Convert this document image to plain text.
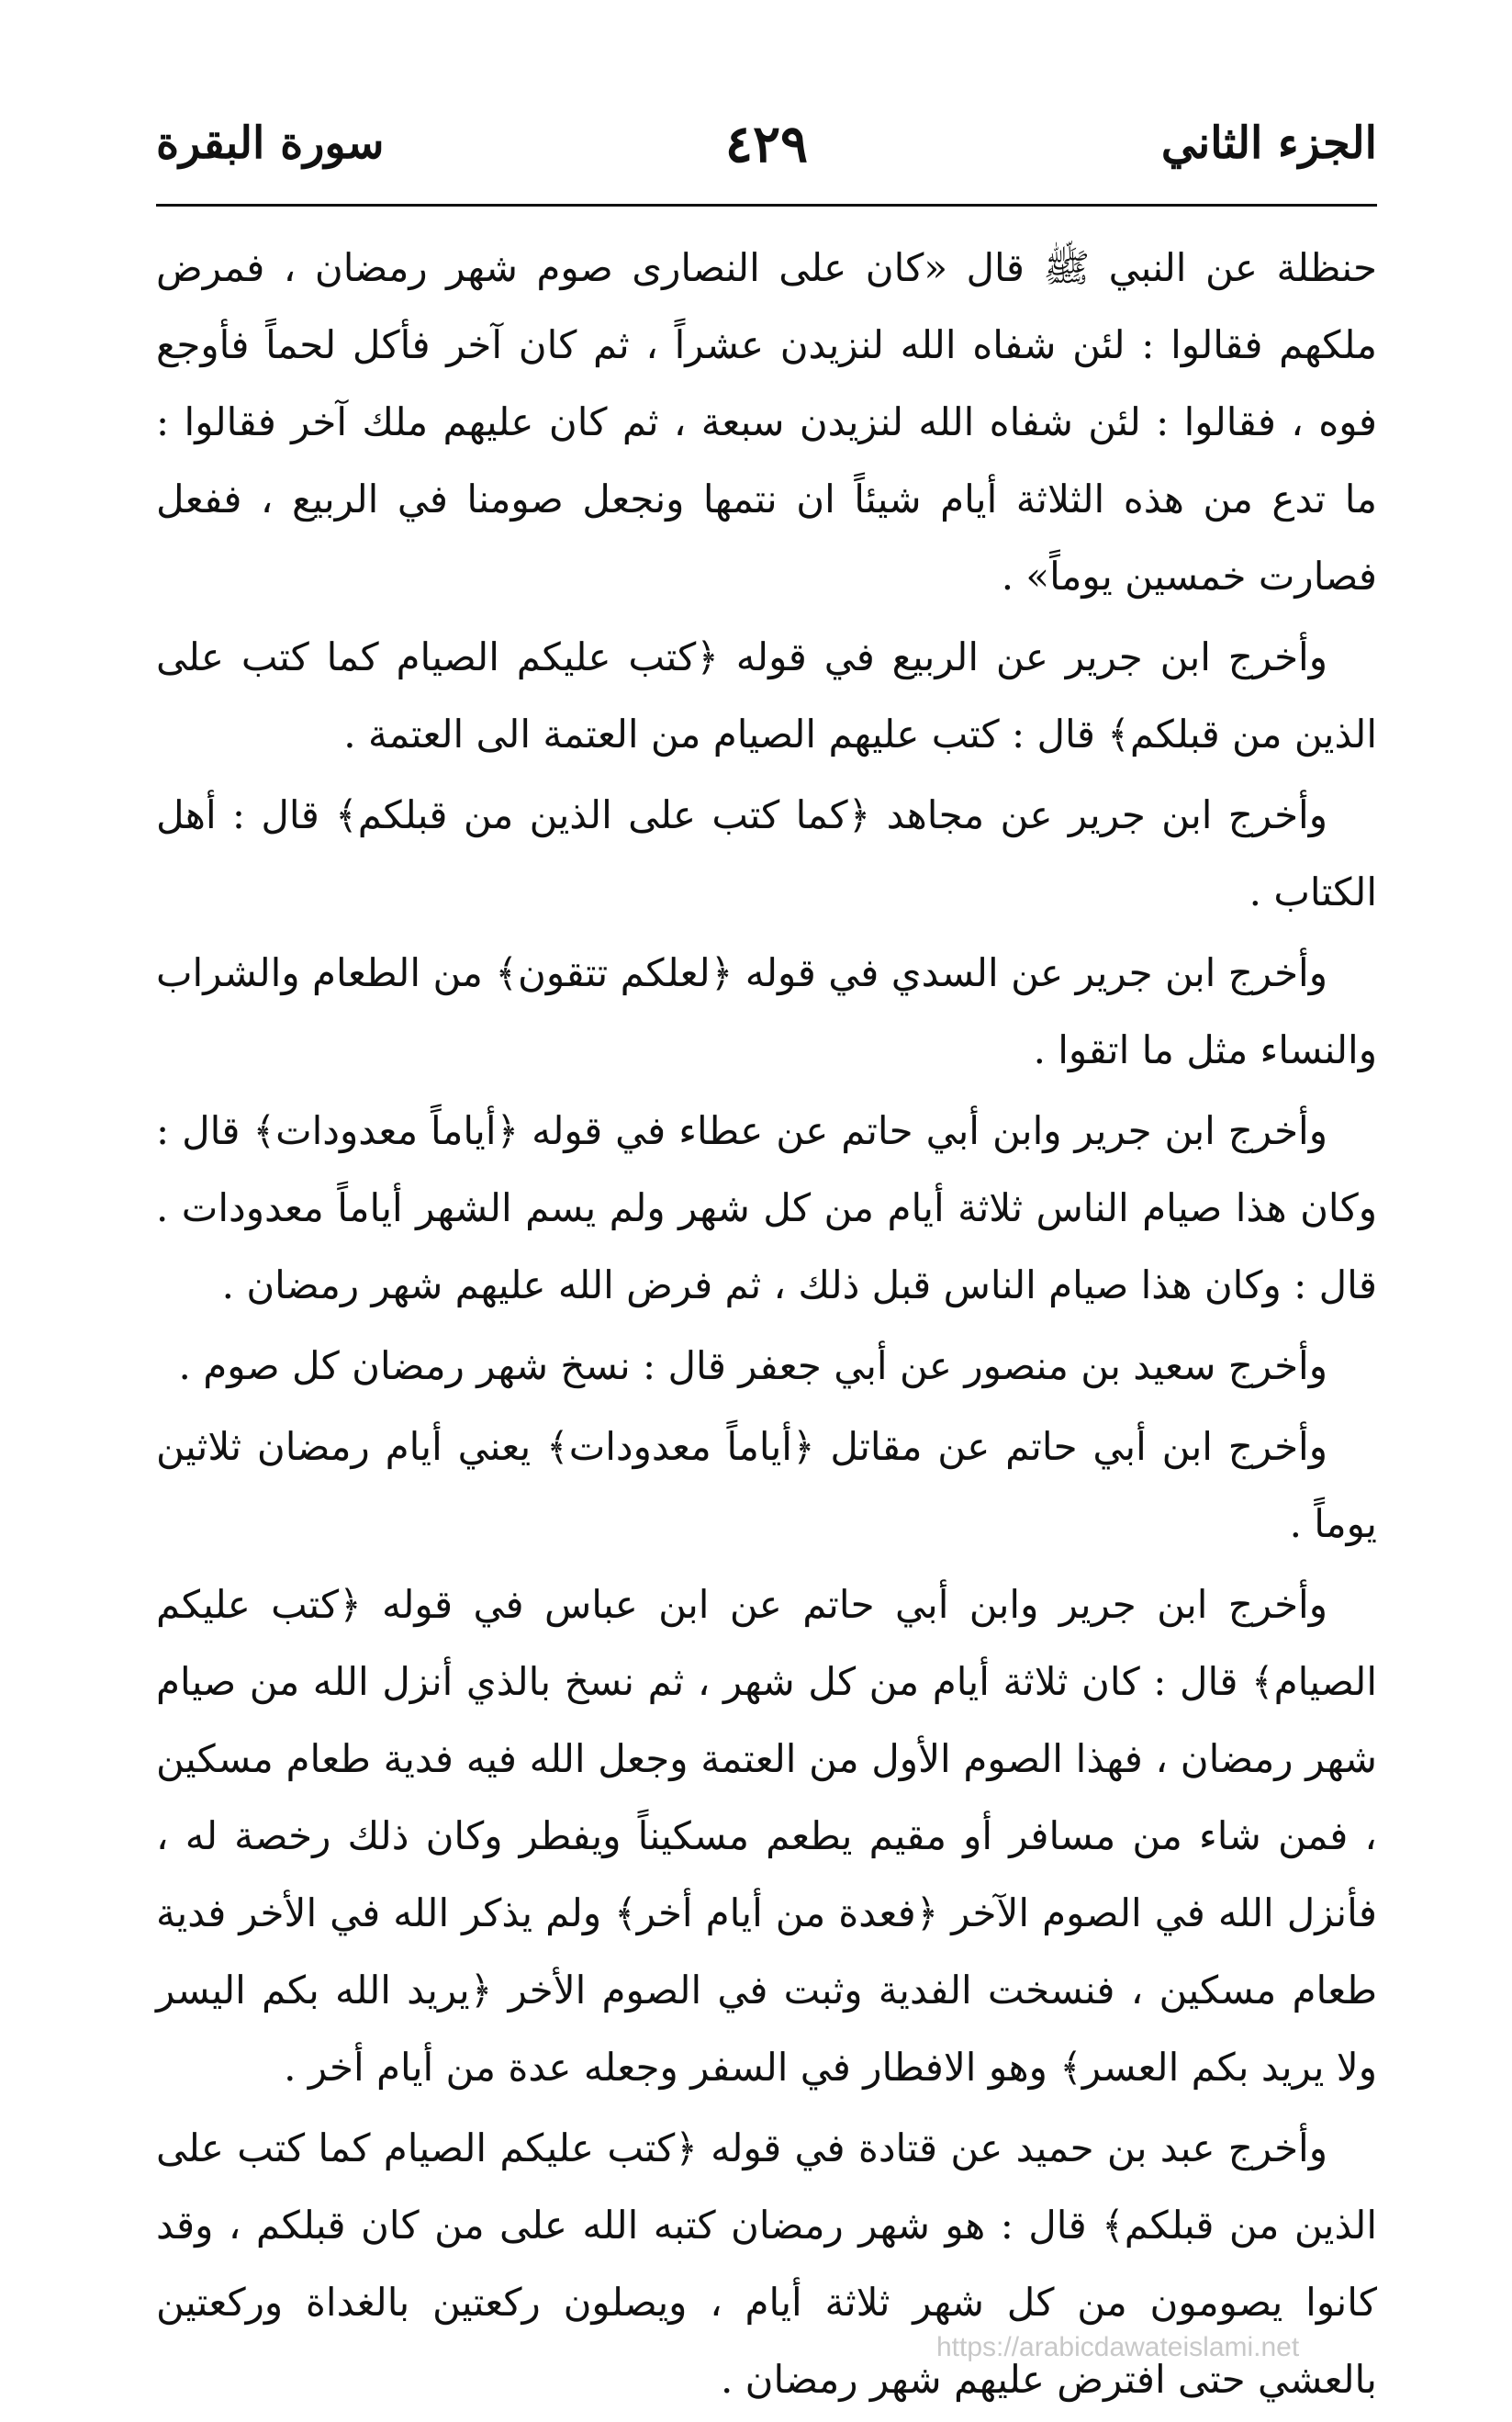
الجزء الثاني
٤٢٩
سورة البقرة

حنظلة عن النبي ﷺ قال «كان على النصارى صوم شهر رمضان ، فمرض ملكهم فقالوا : لئن شفاه الله لنزيدن عشراً ، ثم كان آخر فأكل لحماً فأوجع فوه ، فقالوا : لئن شفاه الله لنزيدن سبعة ، ثم كان عليهم ملك آخر فقالوا : ما تدع من هذه الثلاثة أيام شيئاً ان نتمها ونجعل صومنا في الربيع ، ففعل فصارت خمسين يوماً» .

وأخرج ابن جرير عن الربيع في قوله ﴿كتب عليكم الصيام كما كتب على الذين من قبلكم﴾ قال : كتب عليهم الصيام من العتمة الى العتمة .

وأخرج ابن جرير عن مجاهد ﴿كما كتب على الذين من قبلكم﴾ قال : أهل الكتاب .

وأخرج ابن جرير عن السدي في قوله ﴿لعلكم تتقون﴾ من الطعام والشراب والنساء مثل ما اتقوا .

وأخرج ابن جرير وابن أبي حاتم عن عطاء في قوله ﴿أياماً معدودات﴾ قال : وكان هذا صيام الناس ثلاثة أيام من كل شهر ولم يسم الشهر أياماً معدودات . قال : وكان هذا صيام الناس قبل ذلك ، ثم فرض الله عليهم شهر رمضان .

وأخرج سعيد بن منصور عن أبي جعفر قال : نسخ شهر رمضان كل صوم .

وأخرج ابن أبي حاتم عن مقاتل ﴿أياماً معدودات﴾ يعني أيام رمضان ثلاثين يوماً .

وأخرج ابن جرير وابن أبي حاتم عن ابن عباس في قوله ﴿كتب عليكم الصيام﴾ قال : كان ثلاثة أيام من كل شهر ، ثم نسخ بالذي أنزل الله من صيام شهر رمضان ، فهذا الصوم الأول من العتمة وجعل الله فيه فدية طعام مسكين ، فمن شاء من مسافر أو مقيم يطعم مسكيناً ويفطر وكان ذلك رخصة له ، فأنزل الله في الصوم الآخر ﴿فعدة من أيام أخر﴾ ولم يذكر الله في الأخر فدية طعام مسكين ، فنسخت الفدية وثبت في الصوم الأخر ﴿يريد الله بكم اليسر ولا يريد بكم العسر﴾ وهو الافطار في السفر وجعله عدة من أيام أخر .

وأخرج عبد بن حميد عن قتادة في قوله ﴿كتب عليكم الصيام كما كتب على الذين من قبلكم﴾ قال : هو شهر رمضان كتبه الله على من كان قبلكم ، وقد كانوا يصومون من كل شهر ثلاثة أيام ، ويصلون ركعتين بالغداة وركعتين بالعشي حتى افترض عليهم شهر رمضان .

https://arabicdawateislami.net
